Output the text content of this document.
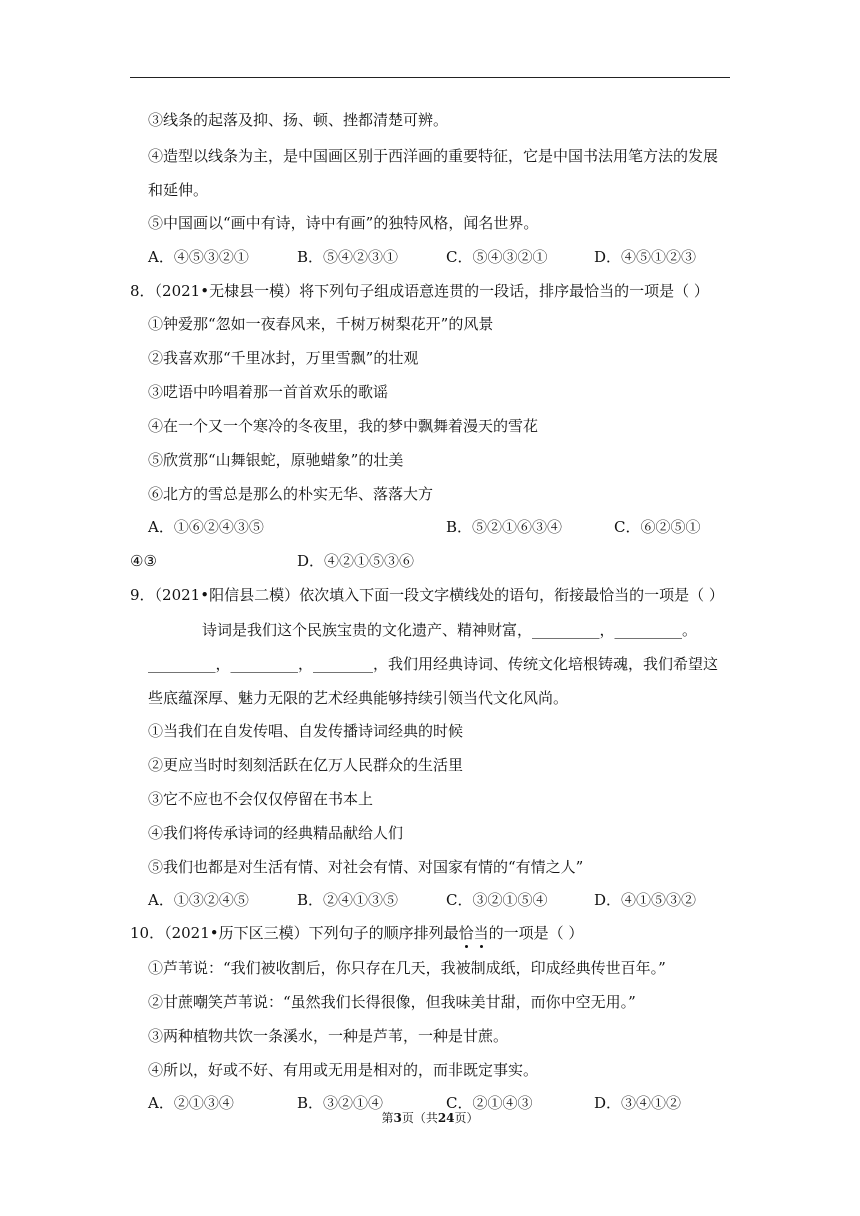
③线条的起落及抑、扬、顿、挫都清楚可辨。
④造型以线条为主，是中国画区别于西洋画的重要特征，它是中国书法用笔方法的发展
和延伸。
⑤中国画以“画中有诗，诗中有画”的独特风格，闻名世界。
A．④⑤③②①	B．⑤④②③①	C．⑤④③②①	D．④⑤①②③
8．（2021•无棣县一模）将下列句子组成语意连贯的一段话，排序最恰当的一项是（ ）
①钟爱那“忽如一夜春风来，千树万树梨花开”的风景
②我喜欢那“千里冰封，万里雪飘”的壮观
③呓语中吟唱着那一首首欢乐的歌谣
④在一个又一个寒冷的冬夜里，我的梦中飘舞着漫天的雪花
⑤欣赏那“山舞银蛇，原驰蜡象”的壮美
⑥北方的雪总是那么的朴实无华、落落大方
A．①⑥②④③⑤	B．⑤②①⑥③④	C．⑥②⑤①
④③	D．④②①⑤③⑥
9．（2021•阳信县二模）依次填入下面一段文字横线处的语句，衔接最恰当的一项是（ ）
诗词是我们这个民族宝贵的文化遗产、精神财富，_________，_________。
_________，_________，________，我们用经典诗词、传统文化培根铸魂，我们希望这
些底蕴深厚、魅力无限的艺术经典能够持续引领当代文化风尚。
①当我们在自发传唱、自发传播诗词经典的时候
②更应当时时刻刻活跃在亿万人民群众的生活里
③它不应也不会仅仅停留在书本上
④我们将传承诗词的经典精品献给人们
⑤我们也都是对生活有情、对社会有情、对国家有情的“有情之人”
A．①③②④⑤	B．②④①③⑤	C．③②①⑤④	D．④①⑤③②
10．（2021•历下区三模）下列句子的顺序排列最恰当的一项是（ ）
①芦苇说：“我们被收割后，你只存在几天，我被制成纸，印成经典传世百年。”
②甘蔗嘲笑芦苇说：“虽然我们长得很像，但我味美甘甜，而你中空无用。”
③两种植物共饮一条溪水，一种是芦苇，一种是甘蔗。
④所以，好或不好、有用或无用是相对的，而非既定事实。
A．②①③④	B．③②①④	C．②①④③	D．③④①②
第3页（共24页）
